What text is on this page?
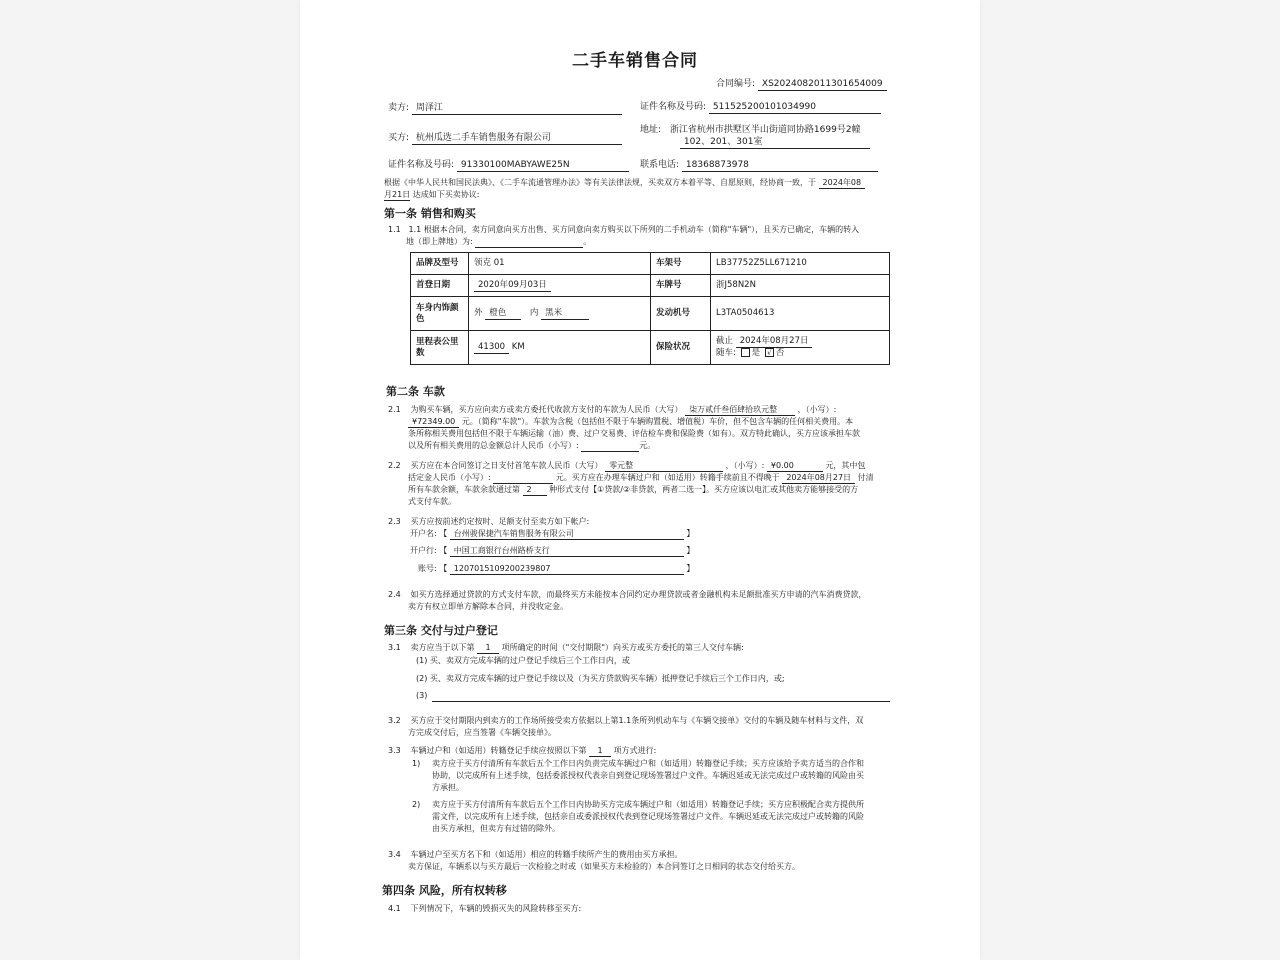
二手车销售合同
合同编号: XS20240820113016540​09
卖方: 周泽江	证件名称及号码: 511525200101034990
买方: 杭州瓜选二手车销售服务有限公司
地址: 浙江省杭州市拱墅区半山街道同协路1699号2幢
102、201、301室
证件名称及号码: 91330100MABYAWE25N	联系电话: 18368873978
根据《中华人民共和国民法典》、《二手车流通管理办法》等有关法律法规，买卖双方本着平等、自愿原则，经协商一致，于 2024年08
月21日 达成如下买卖协议:
第一条 销售和购买
1.1 1.1 根据本合同，卖方同意向买方出售、买方同意向卖方购买以下所列的二手机动车（简称"车辆"），且买方已确定，车辆的转入
地（即上牌地）为:	。
品牌及型号	领克 01	车架号	LB37752Z5LL671210
首登日期	2020年09月03日	车牌号	浙J58N2N
车身内饰颜色	外 橙色 内 黑米	发动机号	L3TA0504613
里程表公里数	41300 KM	保险状况	截止 2024年08月27日
随车: 是 √ 否
第二条 车款
2.1 为购买车辆，买方应向卖方或卖方委托代收款方支付的车款为人民币（大写） 柒万贰仟叁佰肆拾玖元整	，（小写）:
¥72349.00 元。（简称"车款"）。车款为含税（包括但不限于车辆购置税、增值税）车价，但不包含车辆的任何相关费用。本
条所称相关费用包括但不限于车辆运输（油）费、过户交易费、评估检车费和保险费（如有）。双方特此确认，买方应该承担车款
以及所有相关费用的总金额总计人民币（小写）:	元。
2.2 买方应在本合同签订之日支付首笔车款人民币（大写） 零元整	，（小写）: ¥0.00	元，其中包
括定金人民币（小写）:	元。买方应在办理车辆过户和（如适用）转籍手续前且不得晚于 2024年08月27日 付清
所有车款余额，车款余款通过第 2 种形式支付【①贷款/②非贷款，两者二选一】。买方应该以电汇或其他卖方能够接受的方
式支付车款。
2.3 买方应按前述约定按时、足额支付至卖方如下帐户:
开户名: 【 台州骏保捷汽车销售服务有限公司	】
开户行: 【 中国工商银行台州路桥支行	】
账号: 【 1207015109200239807	】
2.4 如买方选择通过贷款的方式支付车款，而最终买方未能按本合同约定办理贷款或者金融机构未足额批准买方申请的汽车消费贷款，
卖方有权立即单方解除本合同，并没收定金。
第三条 交付与过户登记
3.1 卖方应当于以下第 1 项所确定的时间（"交付期限"）向买方或买方委托的第三人交付车辆:
(1) 买、卖双方完成车辆的过户登记手续后三个工作日内，或
(2) 买、卖双方完成车辆的过户登记手续以及（为买方贷款购买车辆）抵押登记手续后三个工作日内，或;
(3)
3.2 买方应于交付期限内到卖方的工作场所接受卖方依据以上第1.1条所列机动车与《车辆交接单》交付的车辆及随车材料与文件，双
方完成交付后，应当签署《车辆交接单》。
3.3 车辆过户和（如适用）转籍登记手续应按照以下第 1 项方式进行:
1) 卖方应于买方付清所有车款后五个工作日内负责完成车辆过户和（如适用）转籍登记手续；买方应该给予卖方适当的合作和
协助，以完成所有上述手续，包括委派授权代表亲自到登记现场签署过户文件。车辆迟延或无法完成过户或转籍的风险由买
方承担。
2) 卖方应于买方付清所有车款后五个工作日内协助买方完成车辆过户和（如适用）转籍登记手续；买方应积极配合卖方提供所
需文件，以完成所有上述手续，包括亲自或委派授权代表到登记现场签署过户文件。车辆迟延或无法完成过户或转籍的风险
由买方承担，但卖方有过错的除外。
3.4 车辆过户至买方名下和（如适用）相应的转籍手续所产生的费用由买方承担。
卖方保证，车辆系以与买方最后一次检验之时或（如果买方未检验的）本合同签订之日相同的状态交付给买方。
第四条 风险，所有权转移
4.1 下列情况下，车辆的毁损灭失的风险转移至买方:
